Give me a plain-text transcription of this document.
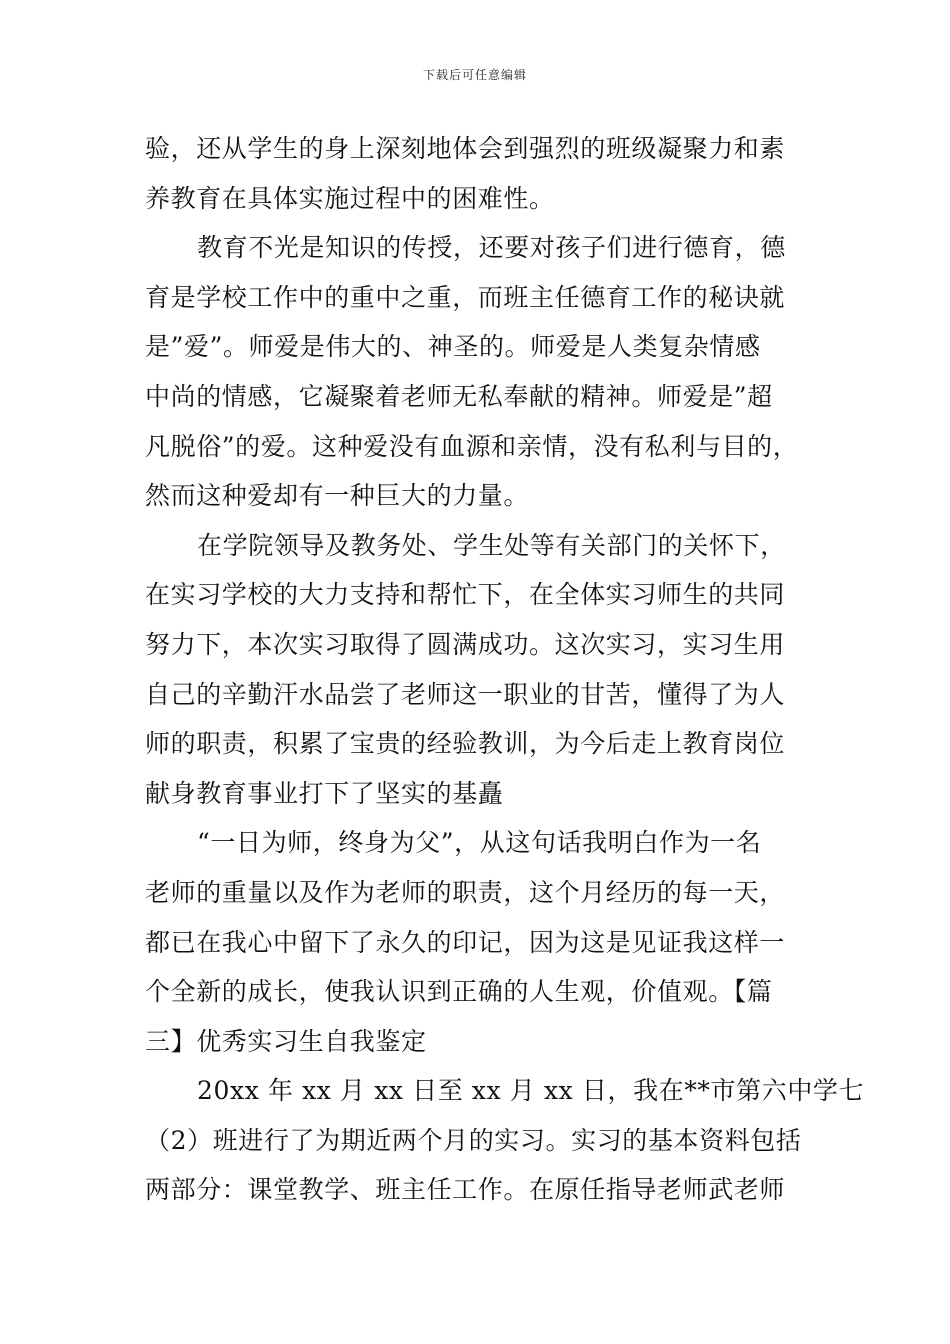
下载后可任意编辑
验，还从学生的身上深刻地体会到强烈的班级凝聚力和素
养教育在具体实施过程中的困难性。
教育不光是知识的传授，还要对孩子们进行德育，德
育是学校工作中的重中之重，而班主任德育工作的秘诀就
是”爱”。师爱是伟大的、神圣的。师爱是人类复杂情感
中尚的情感，它凝聚着老师无私奉献的精神。师爱是”超
凡脱俗”的爱。这种爱没有血源和亲情，没有私利与目的，
然而这种爱却有一种巨大的力量。
在学院领导及教务处、学生处等有关部门的关怀下，
在实习学校的大力支持和帮忙下，在全体实习师生的共同
努力下，本次实习取得了圆满成功。这次实习，实习生用
自己的辛勤汗水品尝了老师这一职业的甘苦，懂得了为人
师的职责，积累了宝贵的经验教训，为今后走上教育岗位
献身教育事业打下了坚实的基矗
“一日为师，终身为父”，从这句话我明白作为一名
老师的重量以及作为老师的职责，这个月经历的每一天，
都已在我心中留下了永久的印记，因为这是见证我这样一
个全新的成长，使我认识到正确的人生观，价值观。【篇
三】优秀实习生自我鉴定
20xx 年 xx 月 xx 日至 xx 月 xx 日，我在**市第六中学七
（2）班进行了为期近两个月的实习。实习的基本资料包括
两部分：课堂教学、班主任工作。在原任指导老师武老师
